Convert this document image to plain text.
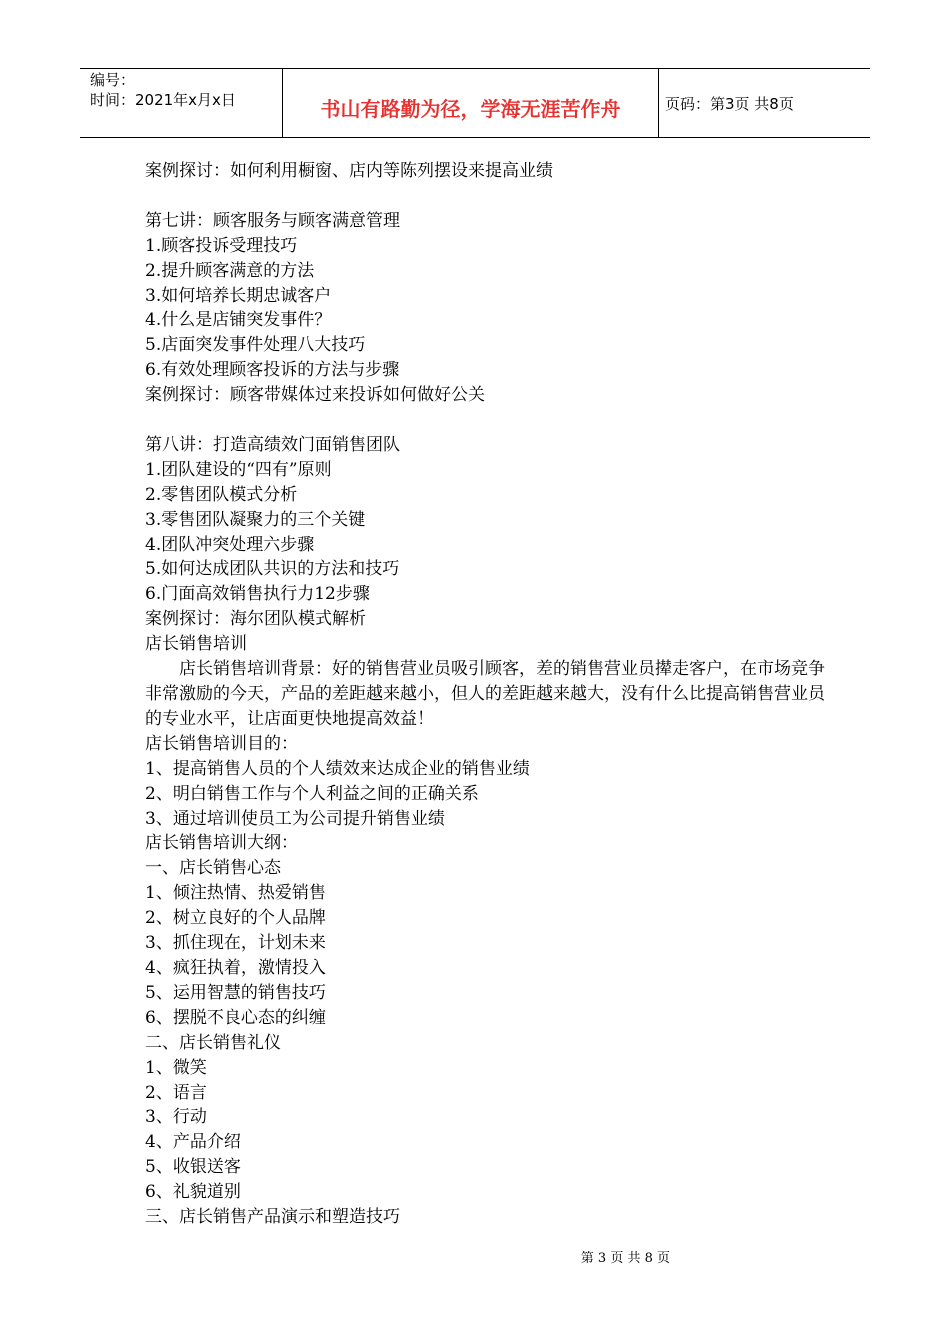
编号：
时间：2021年x月x日	书山有路勤为径，学海无涯苦作舟	页码：第3页 共8页

案例探讨：如何利用橱窗、店内等陈列摆设来提高业绩

第七讲：顾客服务与顾客满意管理

1.顾客投诉受理技巧

2.提升顾客满意的方法

3.如何培养长期忠诚客户

4.什么是店铺突发事件？

5.店面突发事件处理八大技巧

6.有效处理顾客投诉的方法与步骤

案例探讨：顾客带媒体过来投诉如何做好公关

第八讲：打造高绩效门面销售团队

1.团队建设的“四有”原则

2.零售团队模式分析

3.零售团队凝聚力的三个关键

4.团队冲突处理六步骤

5.如何达成团队共识的方法和技巧

6.门面高效销售执行力12步骤

案例探讨：海尔团队模式解析

店长销售培训

店长销售培训背景：好的销售营业员吸引顾客，差的销售营业员撵走客户，在市场竞争非常激励的今天，产品的差距越来越小，但人的差距越来越大，没有什么比提高销售营业员的专业水平，让店面更快地提高效益！

店长销售培训目的：

1、提高销售人员的个人绩效来达成企业的销售业绩

2、明白销售工作与个人利益之间的正确关系

3、通过培训使员工为公司提升销售业绩

店长销售培训大纲：

一、店长销售心态

1、倾注热情、热爱销售

2、树立良好的个人品牌

3、抓住现在，计划未来

4、疯狂执着，激情投入

5、运用智慧的销售技巧

6、摆脱不良心态的纠缠

二、店长销售礼仪

1、微笑

2、语言

3、行动

4、产品介绍

5、收银送客

6、礼貌道别

三、店长销售产品演示和塑造技巧

第 3 页 共 8 页
